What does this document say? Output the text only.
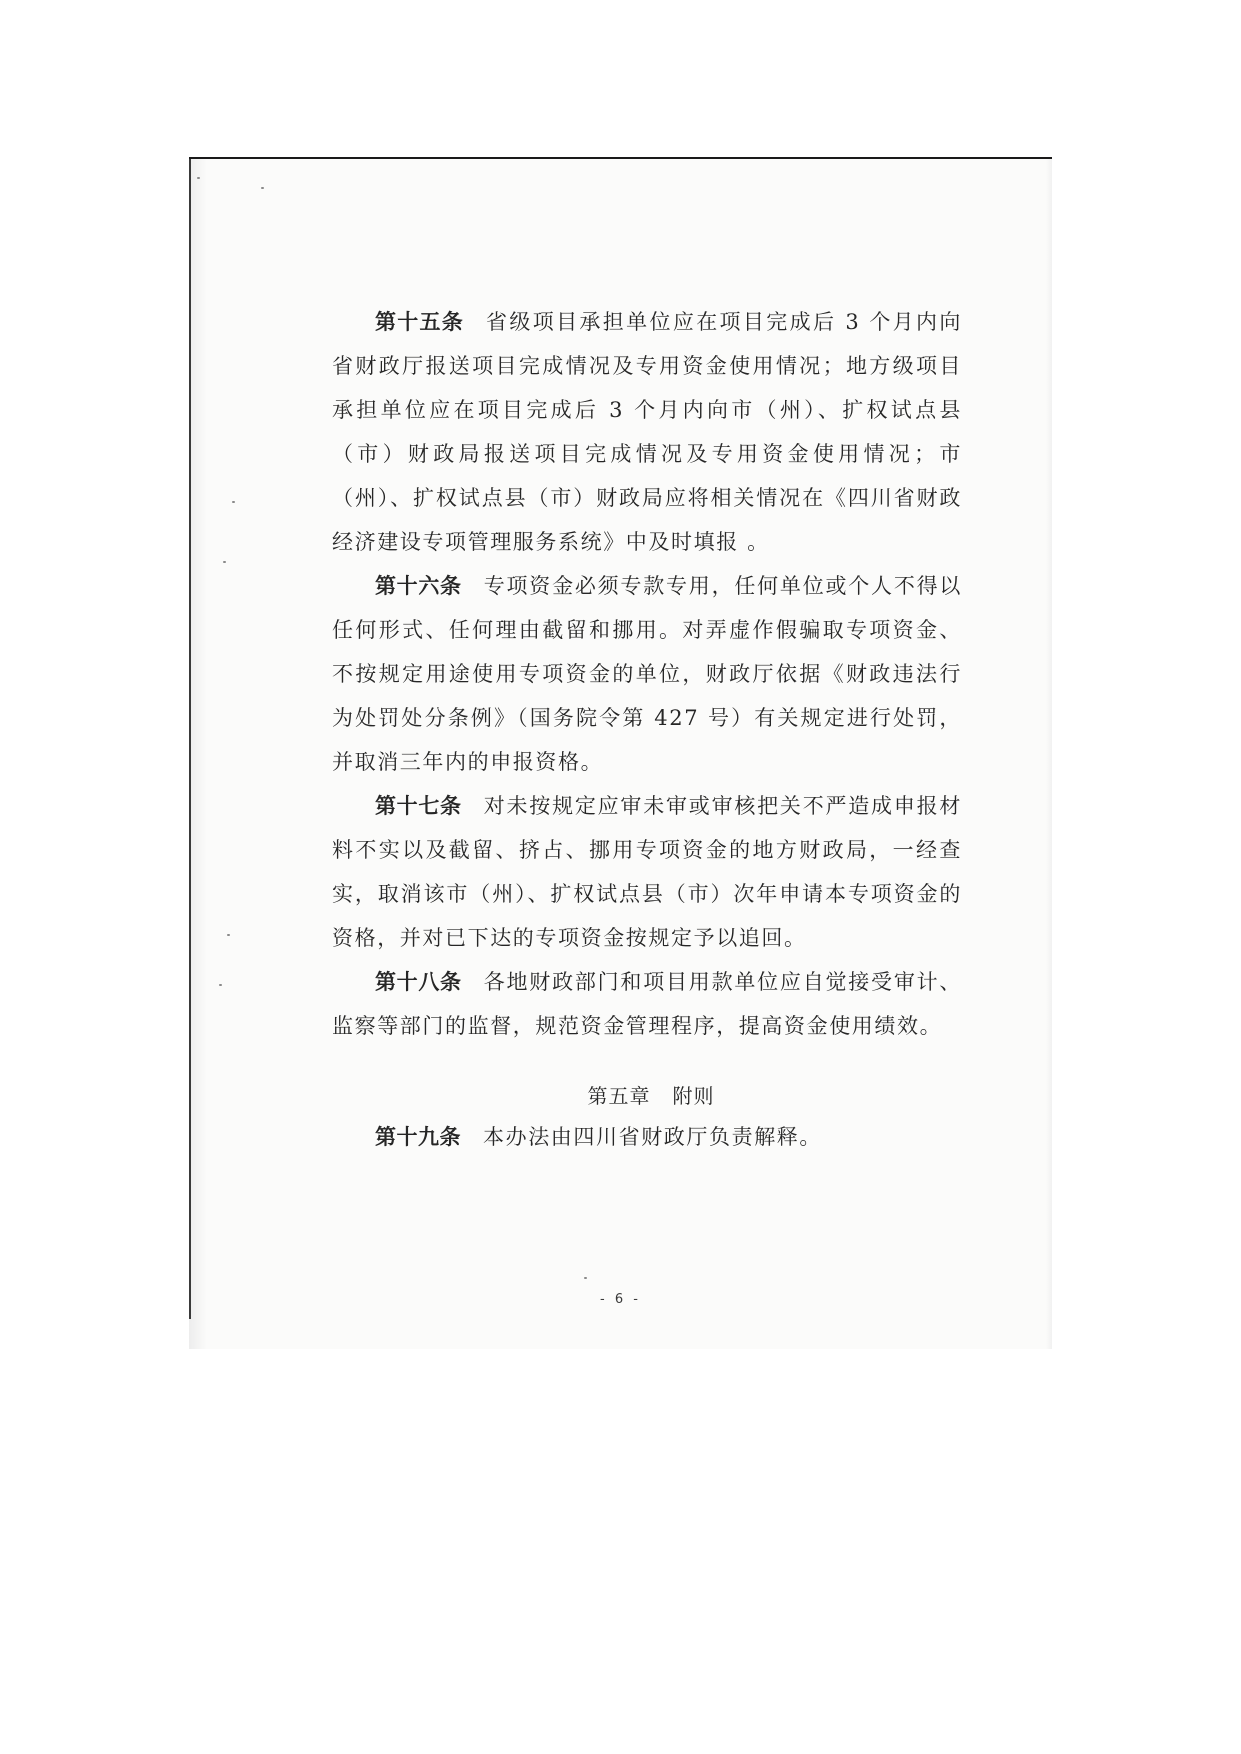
第十五条 省级项目承担单位应在项目完成后 3 个月内向省财政厅报送项目完成情况及专用资金使用情况；地方级项目承担单位应在项目完成后 3 个月内向市（州）、扩权试点县（市）财政局报送项目完成情况及专用资金使用情况；市（州）、扩权试点县（市）财政局应将相关情况在《四川省财政经济建设专项管理服务系统》中及时填报 。

第十六条 专项资金必须专款专用，任何单位或个人不得以任何形式、任何理由截留和挪用。对弄虚作假骗取专项资金、不按规定用途使用专项资金的单位，财政厅依据《财政违法行为处罚处分条例》（国务院令第 427 号）有关规定进行处罚，并取消三年内的申报资格。

第十七条 对未按规定应审未审或审核把关不严造成申报材料不实以及截留、挤占、挪用专项资金的地方财政局，一经查实，取消该市（州）、扩权试点县（市）次年申请本专项资金的资格，并对已下达的专项资金按规定予以追回。

第十八条 各地财政部门和项目用款单位应自觉接受审计、监察等部门的监督，规范资金管理程序，提高资金使用绩效。

第五章 附则

第十九条 本办法由四川省财政厅负责解释。

- 6 -
